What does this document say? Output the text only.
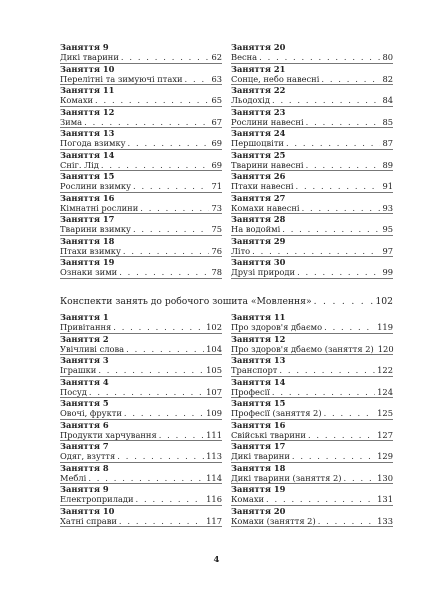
Заняття 9
Дикі тварини . . .	62
Заняття 10
Перелітні та зимуючі птахи . . .	63
Заняття 11
Комахи . . .	65
Заняття 12
Зима . . .	67
Заняття 13
Погода взимку . . .	69
Заняття 14
Сніг. Лід . . .	69
Заняття 15
Рослини взимку . . .	71
Заняття 16
Кімнатні рослини . . .	73
Заняття 17
Тварини взимку . . .	75
Заняття 18
Птахи взимку . . .	76
Заняття 19
Ознаки зими . . .	78
Заняття 20
Весна . . .	80
Заняття 21
Сонце, небо навесні . . .	82
Заняття 22
Льодохід . . .	84
Заняття 23
Рослини навесні . . .	85
Заняття 24
Першоцвіти . . .	87
Заняття 25
Тварини навесні . . .	89
Заняття 26
Птахи навесні . . .	91
Заняття 27
Комахи навесні . . .	93
Заняття 28
На водоймі . . .	95
Заняття 29
Літо . . .	97
Заняття 30
Друзі природи . . .	99
Конспекти занять до робочого зошита «Мовлення» . . .	102
Заняття 1
Привітання . . .	102
Заняття 2
Увічливі слова . . .	104
Заняття 3
Іграшки . . .	105
Заняття 4
Посуд . . .	107
Заняття 5
Овочі, фрукти . . .	109
Заняття 6
Продукти харчування . . .	111
Заняття 7
Одяг, взуття . . .	113
Заняття 8
Меблі . . .	114
Заняття 9
Електроприлади . . .	116
Заняття 10
Хатні справи . . .	117
Заняття 11
Про здоров'я дбаємо . . .	119
Заняття 12
Про здоров'я дбаємо (заняття 2) 120
Заняття 13
Транспорт . . .	122
Заняття 14
Професії . . .	124
Заняття 15
Професії (заняття 2) . . .	125
Заняття 16
Свійські тварини . . .	127
Заняття 17
Дикі тварини . . .	129
Заняття 18
Дикі тварини (заняття 2) . . .	130
Заняття 19
Комахи . . .	131
Заняття 20
Комахи (заняття 2) . . .	133
4
